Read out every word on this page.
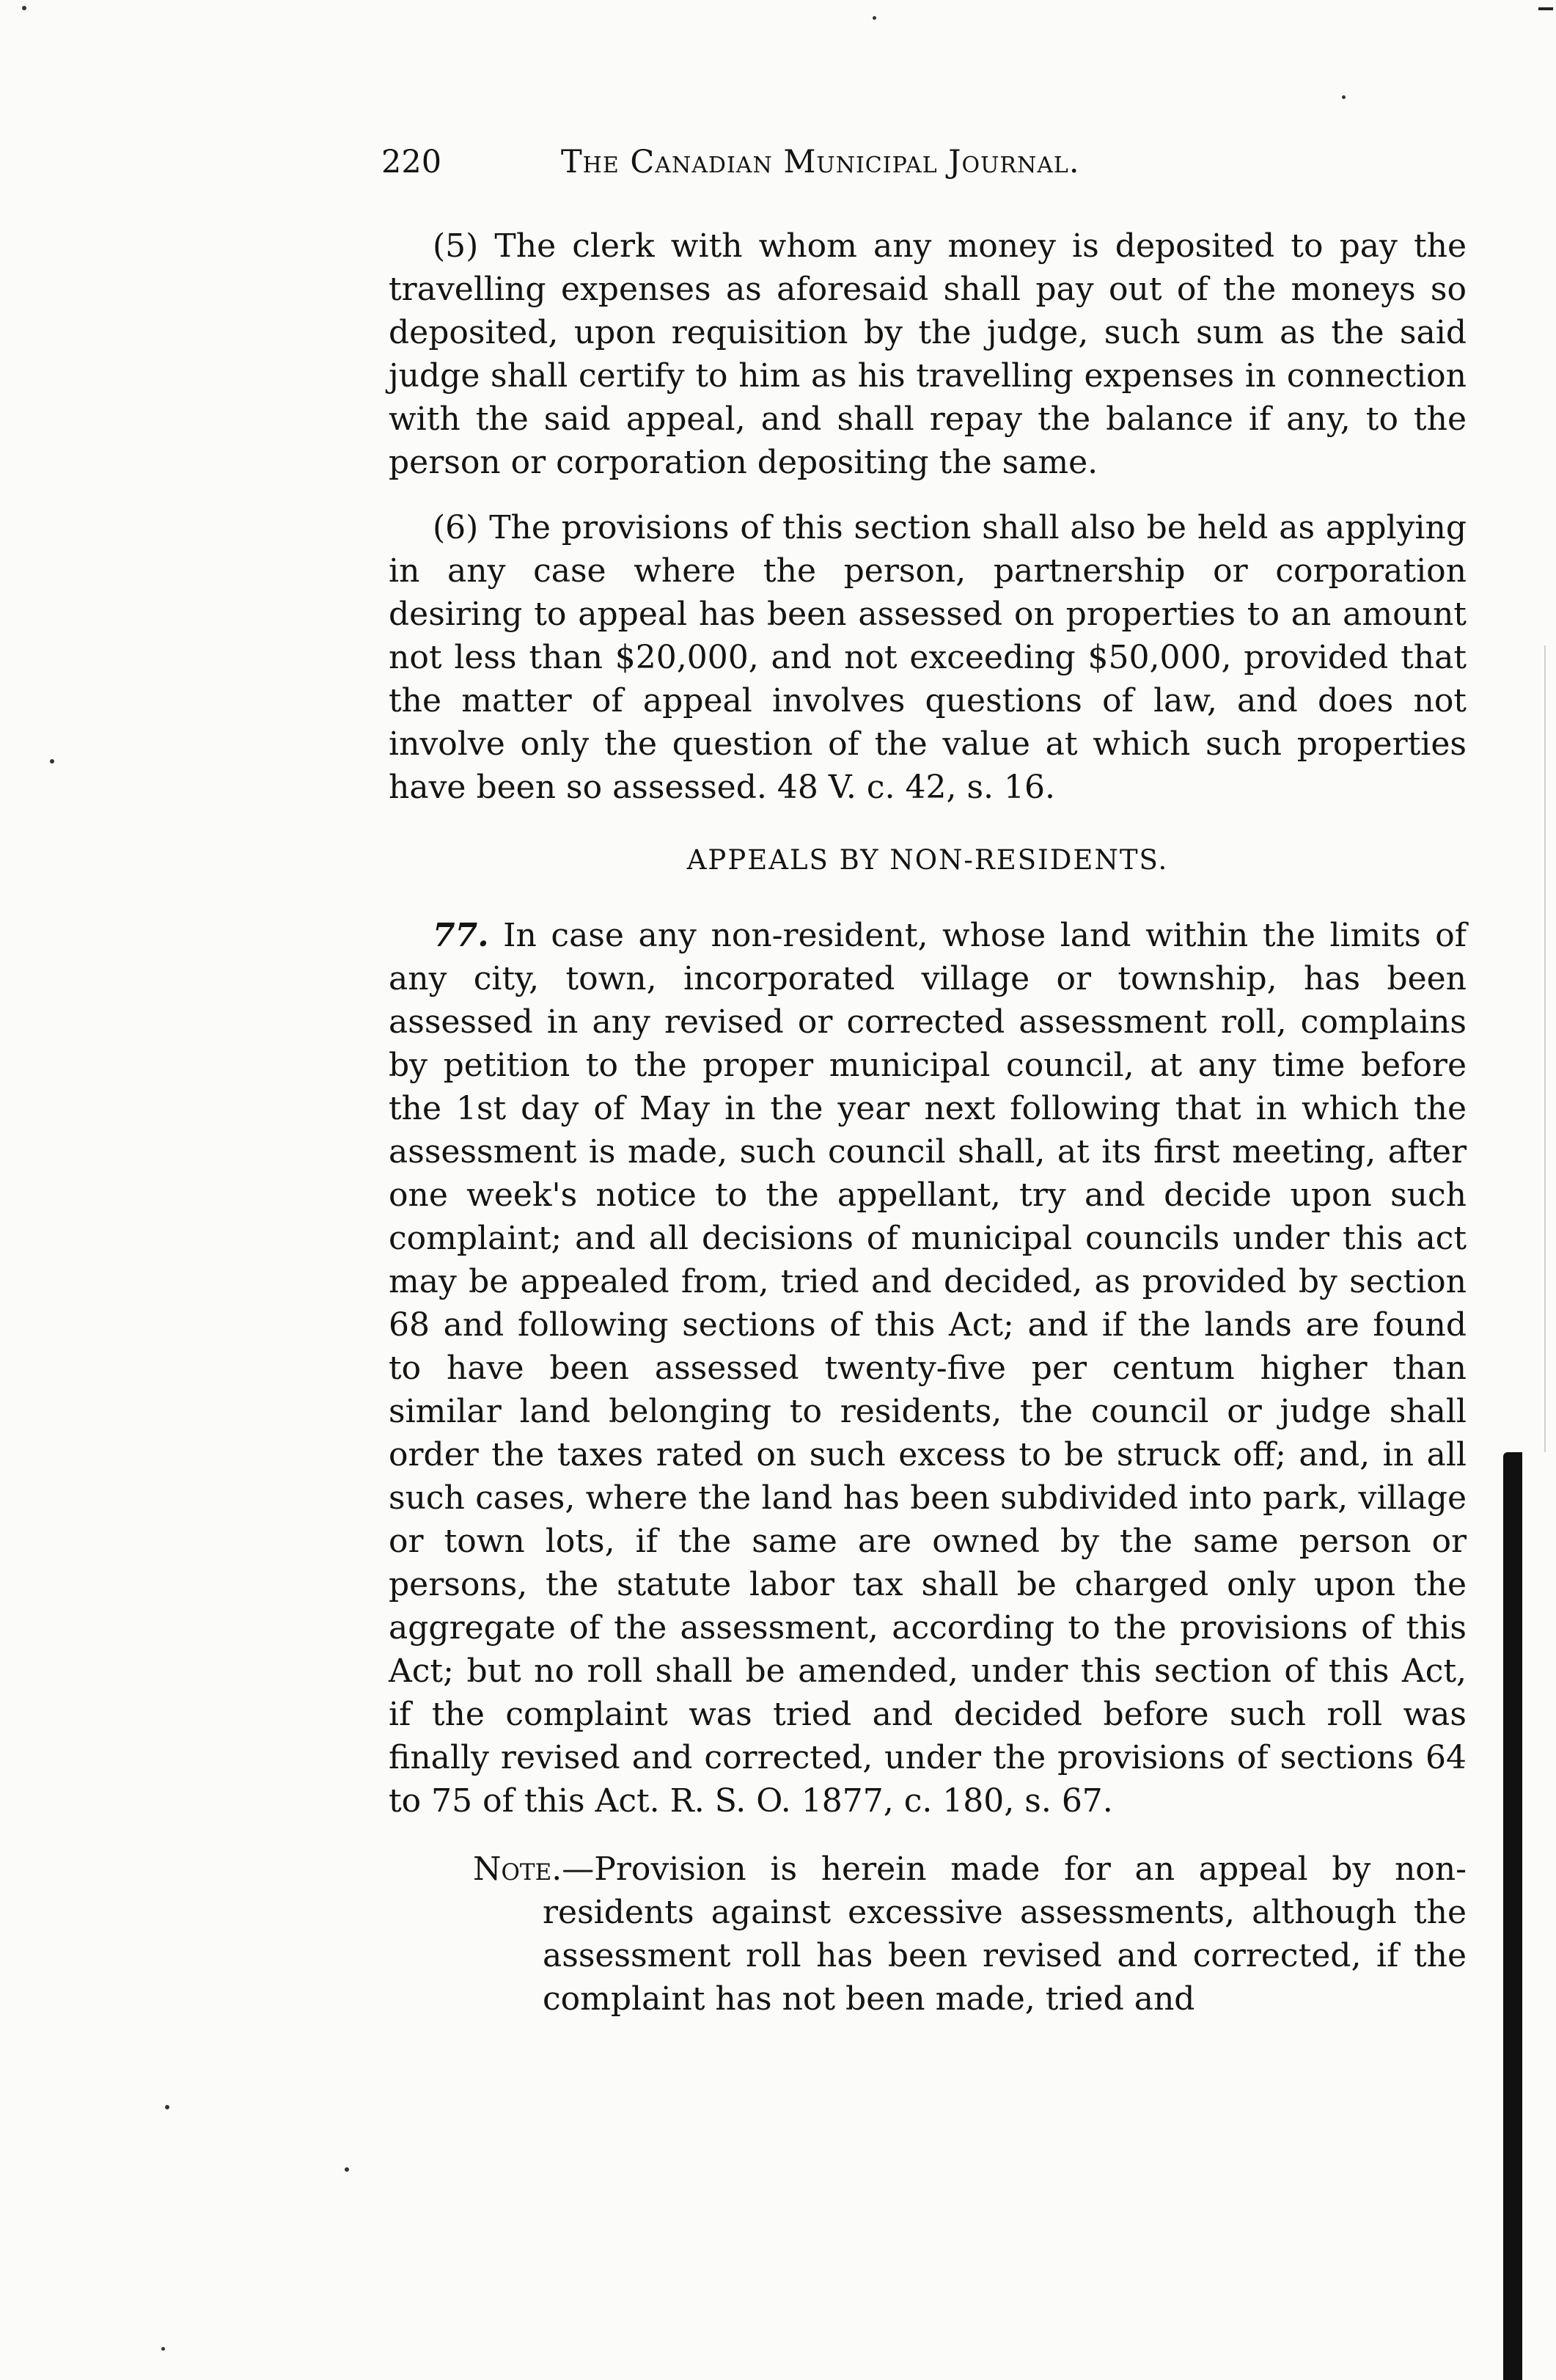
220	The Canadian Municipal Journal.

(5) The clerk with whom any money is deposited to pay the travelling expenses as aforesaid shall pay out of the moneys so deposited, upon requisition by the judge, such sum as the said judge shall certify to him as his travelling expenses in connection with the said appeal, and shall repay the balance if any, to the person or corporation depositing the same.

(6) The provisions of this section shall also be held as applying in any case where the person, partnership or corporation desiring to appeal has been assessed on properties to an amount not less than $20,000, and not exceeding $50,000, provided that the matter of appeal involves questions of law, and does not involve only the question of the value at which such properties have been so assessed. 48 V. c. 42, s. 16.

APPEALS BY NON-RESIDENTS.

77. In case any non-resident, whose land within the limits of any city, town, incorporated village or township, has been assessed in any revised or corrected assessment roll, complains by petition to the proper municipal council, at any time before the 1st day of May in the year next following that in which the assessment is made, such council shall, at its first meeting, after one week's notice to the appellant, try and decide upon such complaint; and all decisions of municipal councils under this act may be appealed from, tried and decided, as provided by section 68 and following sections of this Act; and if the lands are found to have been assessed twenty-five per centum higher than similar land belonging to residents, the council or judge shall order the taxes rated on such excess to be struck off; and, in all such cases, where the land has been subdivided into park, village or town lots, if the same are owned by the same person or persons, the statute labor tax shall be charged only upon the aggregate of the assessment, according to the provisions of this Act; but no roll shall be amended, under this section of this Act, if the complaint was tried and decided before such roll was finally revised and corrected, under the provisions of sections 64 to 75 of this Act. R. S. O. 1877, c. 180, s. 67.

Note.—Provision is herein made for an appeal by non-residents against excessive assessments, although the assessment roll has been revised and corrected, if the complaint has not been made, tried and
